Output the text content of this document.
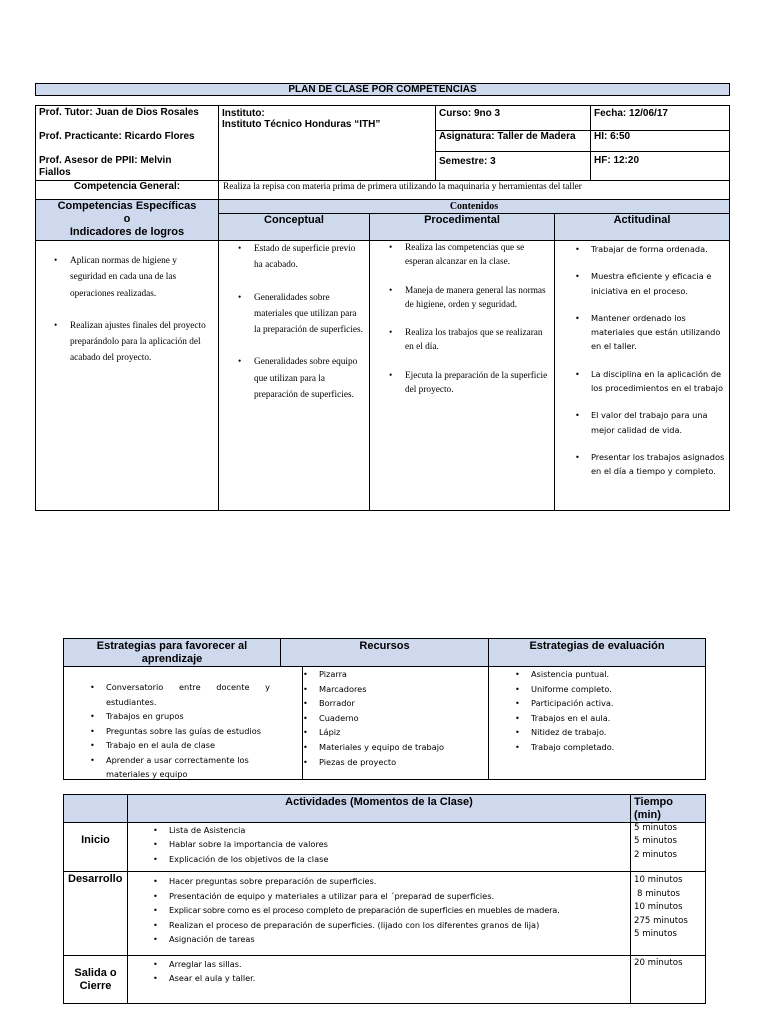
PLAN DE CLASE POR COMPETENCIAS
Prof. Tutor: Juan de Dios Rosales
Prof. Practicante: Ricardo Flores
Prof. Asesor de PPII: Melvin
Fiallos
Instituto:
Instituto Técnico Honduras “ITH”
Curso: 9no 3
Asignatura: Taller de Madera
Semestre: 3
Fecha: 12/06/17
HI: 6:50
HF: 12:20
Competencia General:	Realiza la repisa con materia prima de primera utilizando la maquinaria y herramientas del taller
Competencias Específicas
o
Indicadores de logros
Contenidos
Conceptual	Procedimental	Actitudinal
• Aplican normas de higiene y seguridad en cada una de las operaciones realizadas.
• Realizan ajustes finales del proyecto preparándolo para la aplicación del acabado del proyecto.
• Estado de superficie previo ha acabado.
• Generalidades sobre materiales que utilizan para la preparación de superficies.
• Generalidades sobre equipo que utilizan para la preparación de superficies.
• Realiza las competencias que se esperan alcanzar en la clase.
• Maneja de manera general las normas de higiene, orden y seguridad.
• Realiza los trabajos que se realizaran en el día.
• Ejecuta la preparación de la superficie del proyecto.
• Trabajar de forma ordenada.
• Muestra eficiente y eficacia e iniciativa en el proceso.
• Mantener ordenado los materiales que están utilizando en el taller.
• La disciplina en la aplicación de los procedimientos en el trabajo
• El valor del trabajo para una mejor calidad de vida.
• Presentar los trabajos asignados en el día a tiempo y completo.
Estrategias para favorecer al
aprendizaje
Recursos	Estrategias de evaluación
• Conversatorio entre docente y estudiantes.
• Trabajos en grupos
• Preguntas sobre las guías de estudios
• Trabajo en el aula de clase
• Aprender a usar correctamente los materiales y equipo
• Pizarra
• Marcadores
• Borrador
• Cuaderno
• Lápiz
• Materiales y equipo de trabajo
• Piezas de proyecto
• Asistencia puntual.
• Uniforme completo.
• Participación activa.
• Trabajos en el aula.
• Nitidez de trabajo.
• Trabajo completado.
Actividades (Momentos de la Clase)	Tiempo
(min)
Inicio
• Lista de Asistencia
• Hablar sobre la importancia de valores
• Explicación de los objetivos de la clase
5 minutos
5 minutos
2 minutos
Desarrollo
•	Hacer preguntas sobre preparación de superficies.
• Presentación de equipo y materiales a utilizar para el ´preparad de superficies.
• Explicar sobre como es el proceso completo de preparación de superficies en muebles de madera.
• Realizan el proceso de preparación de superficies. (lijado con los diferentes granos de lija)
• Asignación de tareas
10 minutos
8 minutos
10 minutos
275 minutos
5 minutos
Salida o
Cierre
• Arreglar las sillas.
• Asear el aula y taller.
20 minutos
